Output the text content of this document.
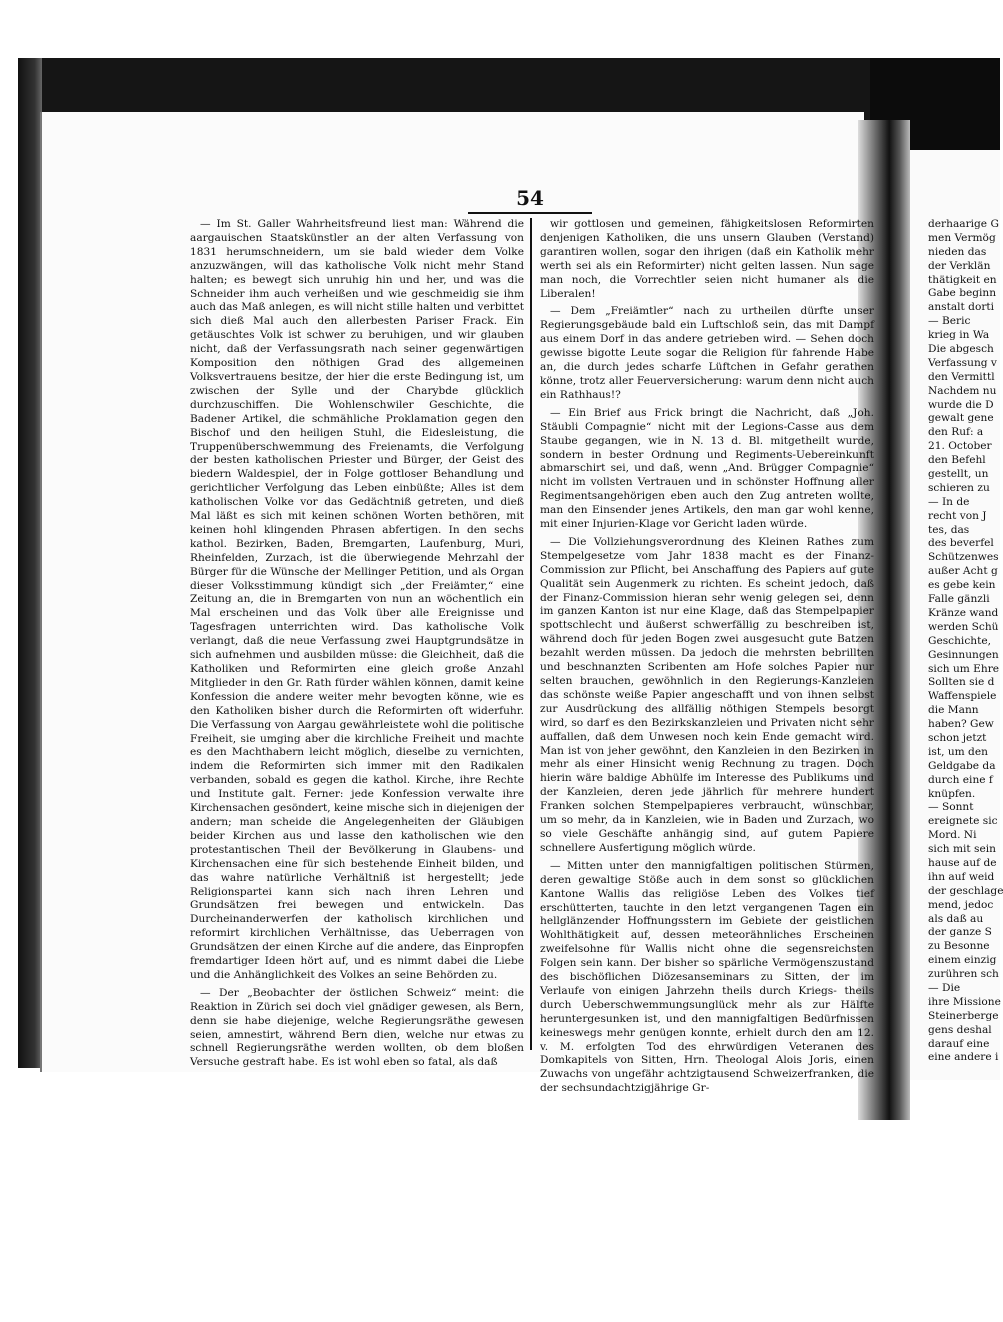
54

— Im St. Galler Wahrheitsfreund liest man: Während die aargauischen Staatskünstler an der alten Verfassung von 1831 herumschneidern, um sie bald wieder dem Volke anzuzwängen, will das katholische Volk nicht mehr Stand halten; es bewegt sich unruhig hin und her, und was die Schneider ihm auch verheißen und wie geschmeidig sie ihm auch das Maß anlegen, es will nicht stille halten und verbittet sich dieß Mal auch den allerbesten Pariser Frack. Ein getäuschtes Volk ist schwer zu beruhigen, und wir glauben nicht, daß der Verfassungsrath nach seiner gegenwärtigen Komposition den nöthigen Grad des allgemeinen Volksvertrauens besitze, der hier die erste Bedingung ist, um zwischen der Sylle und der Charybde glücklich durchzuschiffen. Die Wohlenschwiler Geschichte, die Badener Artikel, die schmähliche Proklamation gegen den Bischof und den heiligen Stuhl, die Eidesleistung, die Truppenüberschwemmung des Freienamts, die Verfolgung der besten katholischen Priester und Bürger, der Geist des biedern Waldespiel, der in Folge gottloser Behandlung und gerichtlicher Verfolgung das Leben einbüßte; Alles ist dem katholischen Volke vor das Gedächtniß getreten, und dieß Mal läßt es sich mit keinen schönen Worten bethören, mit keinen hohl klingenden Phrasen abfertigen. In den sechs kathol. Bezirken, Baden, Bremgarten, Laufenburg, Muri, Rheinfelden, Zurzach, ist die überwiegende Mehrzahl der Bürger für die Wünsche der Mellinger Petition, und als Organ dieser Volksstimmung kündigt sich „der Freiämter,“ eine Zeitung an, die in Bremgarten von nun an wöchentlich ein Mal erscheinen und das Volk über alle Ereignisse und Tagesfragen unterrichten wird. Das katholische Volk verlangt, daß die neue Verfassung zwei Hauptgrundsätze in sich aufnehmen und ausbilden müsse: die Gleichheit, daß die Katholiken und Reformirten eine gleich große Anzahl Mitglieder in den Gr. Rath fürder wählen können, damit keine Konfession die andere weiter mehr bevogten könne, wie es den Katholiken bisher durch die Reformirten oft widerfuhr. Die Verfassung von Aargau gewährleistete wohl die politische Freiheit, sie umging aber die kirchliche Freiheit und machte es den Machthabern leicht möglich, dieselbe zu vernichten, indem die Reformirten sich immer mit den Radikalen verbanden, sobald es gegen die kathol. Kirche, ihre Rechte und Institute galt. Ferner: jede Konfession verwalte ihre Kirchensachen gesöndert, keine mische sich in diejenigen der andern; man scheide die Angelegenheiten der Gläubigen beider Kirchen aus und lasse den katholischen wie den protestantischen Theil der Bevölkerung in Glaubens- und Kirchensachen eine für sich bestehende Einheit bilden, und das wahre natürliche Verhältniß ist hergestellt; jede Religionspartei kann sich nach ihren Lehren und Grundsätzen frei bewegen und entwickeln. Das Durcheinanderwerfen der katholisch kirchlichen und reformirt kirchlichen Verhältnisse, das Ueberragen von Grundsätzen der einen Kirche auf die andere, das Einpropfen fremdartiger Ideen hört auf, und es nimmt dabei die Liebe und die Anhänglichkeit des Volkes an seine Behörden zu.

— Der „Beobachter der östlichen Schweiz“ meint: die Reaktion in Zürich sei doch viel gnädiger gewesen, als Bern, denn sie habe diejenige, welche Regierungsräthe gewesen seien, amnestirt, während Bern dien, welche nur etwas zu schnell Regierungsräthe werden wollten, ob dem bloßen Versuche gestraft habe. Es ist wohl eben so fatal, als daß

wir gottlosen und gemeinen, fähigkeitslosen Reformirten denjenigen Katholiken, die uns unsern Glauben (Verstand) garantiren wollen, sogar den ihrigen (daß ein Katholik mehr werth sei als ein Reformirter) nicht gelten lassen. Nun sage man noch, die Vorrechtler seien nicht humaner als die Liberalen!

— Dem „Freiämtler“ nach zu urtheilen dürfte unser Regierungsgebäude bald ein Luftschloß sein, das mit Dampf aus einem Dorf in das andere getrieben wird. — Sehen doch gewisse bigotte Leute sogar die Religion für fahrende Habe an, die durch jedes scharfe Lüftchen in Gefahr gerathen könne, trotz aller Feuerversicherung: warum denn nicht auch ein Rathhaus!?

— Ein Brief aus Frick bringt die Nachricht, daß „Joh. Stäubli Compagnie“ nicht mit der Legions-Casse aus dem Staube gegangen, wie in N. 13 d. Bl. mitgetheilt wurde, sondern in bester Ordnung und Regiments-Uebereinkunft abmarschirt sei, und daß, wenn „And. Brügger Compagnie“ nicht im vollsten Vertrauen und in schönster Hoffnung aller Regimentsangehörigen eben auch den Zug antreten wollte, man den Einsender jenes Artikels, den man gar wohl kenne, mit einer Injurien-Klage vor Gericht laden würde.

— Die Vollziehungsverordnung des Kleinen Rathes zum Stempelgesetze vom Jahr 1838 macht es der Finanz-Commission zur Pflicht, bei Anschaffung des Papiers auf gute Qualität sein Augenmerk zu richten. Es scheint jedoch, daß der Finanz-Commission hieran sehr wenig gelegen sei, denn im ganzen Kanton ist nur eine Klage, daß das Stempelpapier spottschlecht und äußerst schwerfällig zu beschreiben ist, während doch für jeden Bogen zwei ausgesucht gute Batzen bezahlt werden müssen. Da jedoch die mehrsten bebrillten und beschnanzten Scribenten am Hofe solches Papier nur selten brauchen, gewöhnlich in den Regierungs-Kanzleien das schönste weiße Papier angeschafft und von ihnen selbst zur Ausdrückung des allfällig nöthigen Stempels besorgt wird, so darf es den Bezirkskanzleien und Privaten nicht sehr auffallen, daß dem Unwesen noch kein Ende gemacht wird. Man ist von jeher gewöhnt, den Kanzleien in den Bezirken in mehr als einer Hinsicht wenig Rechnung zu tragen. Doch hierin wäre baldige Abhülfe im Interesse des Publikums und der Kanzleien, deren jede jährlich für mehrere hundert Franken solchen Stempelpapieres verbraucht, wünschbar, um so mehr, da in Kanzleien, wie in Baden und Zurzach, wo so viele Geschäfte anhängig sind, auf gutem Papiere schnellere Ausfertigung möglich würde.

— Mitten unter den mannigfaltigen politischen Stürmen, deren gewaltige Stöße auch in dem sonst so glücklichen Kantone Wallis das religiöse Leben des Volkes tief erschütterten, tauchte in den letzt vergangenen Tagen ein hellglänzender Hoffnungsstern im Gebiete der geistlichen Wohlthätigkeit auf, dessen meteorähnliches Erscheinen zweifelsohne für Wallis nicht ohne die segensreichsten Folgen sein kann. Der bisher so spärliche Vermögenszustand des bischöflichen Diözesanseminars zu Sitten, der im Verlaufe von einigen Jahrzehn theils durch Kriegs- theils durch Ueberschwemmungsunglück mehr als zur Hälfte heruntergesunken ist, und den mannigfaltigen Bedürfnissen keineswegs mehr genügen konnte, erhielt durch den am 12. v. M. erfolgten Tod des ehrwürdigen Veteranen des Domkapitels von Sitten, Hrn. Theologal Alois Joris, einen Zuwachs von ungefähr achtzigtausend Schweizerfranken, die der sechsundachtzigjährige Gr-

derhaarige G
men Vermög
nieden das
der Verklän
thätigkeit en
Gabe beginn
anstalt dorti
— Beric
krieg in Wa
Die abgesch
Verfassung v
den Vermittl
Nachdem nu
wurde die D
gewalt gene
den Ruf: a
21. October
den Befehl
gestellt, un
schieren zu
— In de
recht von J
tes, das
des beverfel
Schützenwes
außer Acht g
es gebe kein
Falle gänzli
Kränze wand
werden Schü
Geschichte,
Gesinnungen
sich um Ehre
Sollten sie d
Waffenspiele
die Mann
haben? Gew
schon jetzt
ist, um den
Geldgabe da
durch eine f
knüpfen.
— Sonnt
ereignete sic
Mord. Ni
sich mit sein
hause auf de
ihn auf weid
der geschlage
mend, jedoc
als daß au
der ganze S
zu Besonne
einem einzig
zurühren sch
— Die
ihre Missione
Steinerberge
gens deshal
darauf eine
eine andere i
